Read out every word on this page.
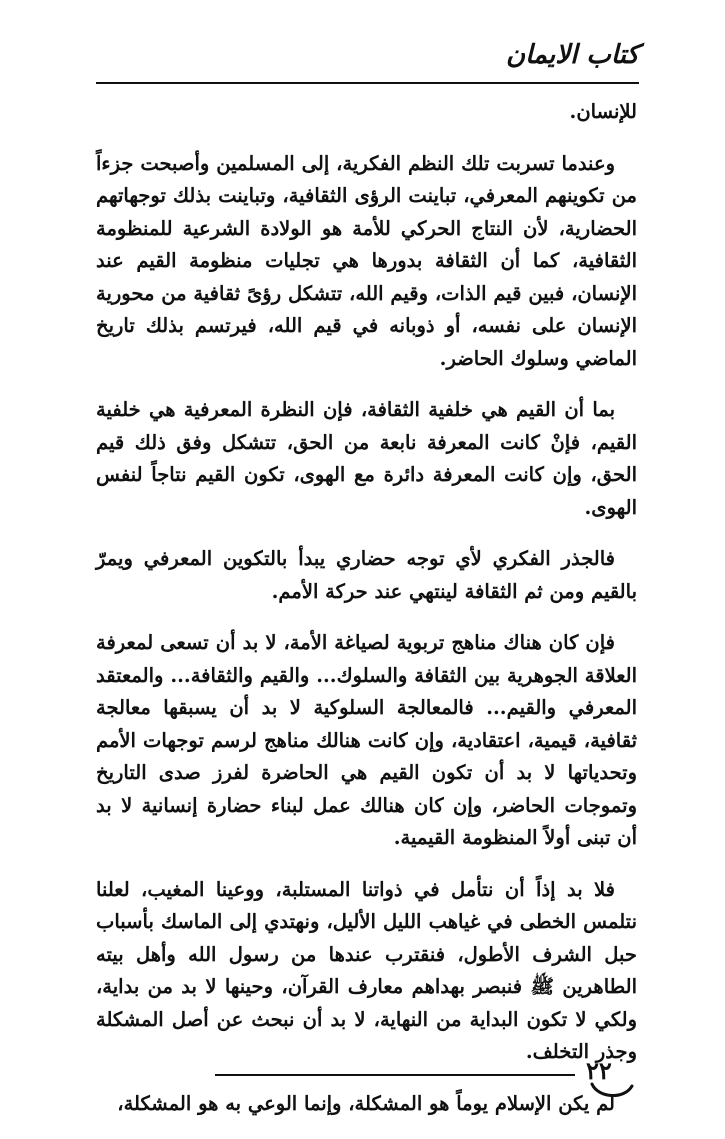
كتاب الايمان

للإنسان.

وعندما تسربت تلك النظم الفكرية، إلى المسلمين وأصبحت جزءاً من تكوينهم المعرفي، تباينت الرؤى الثقافية، وتباينت بذلك توجهاتهم الحضارية، لأن النتاج الحركي للأمة هو الولادة الشرعية للمنظومة الثقافية، كما أن الثقافة بدورها هي تجليات منظومة القيم عند الإنسان، فبين قيم الذات، وقيم الله، تتشكل رؤىً ثقافية من محورية الإنسان على نفسه، أو ذوبانه في قيم الله، فيرتسم بذلك تاريخ الماضي وسلوك الحاضر.

بما أن القيم هي خلفية الثقافة، فإن النظرة المعرفية هي خلفية القيم، فإنْ كانت المعرفة نابعة من الحق، تتشكل وفق ذلك قيم الحق، وإن كانت المعرفة دائرة مع الهوى، تكون القيم نتاجاً لنفس الهوى.

فالجذر الفكري لأي توجه حضاري يبدأ بالتكوين المعرفي ويمرّ بالقيم ومن ثم الثقافة لينتهي عند حركة الأمم.

فإن كان هناك مناهج تربوية لصياغة الأمة، لا بد أن تسعى لمعرفة العلاقة الجوهرية بين الثقافة والسلوك... والقيم والثقافة... والمعتقد المعرفي والقيم... فالمعالجة السلوكية لا بد أن يسبقها معالجة ثقافية، قيمية، اعتقادية، وإن كانت هنالك مناهج لرسم توجهات الأمم وتحدياتها لا بد أن تكون القيم هي الحاضرة لفرز صدى التاريخ وتموجات الحاضر، وإن كان هنالك عمل لبناء حضارة إنسانية لا بد أن تبنى أولاً المنظومة القيمية.

فلا بد إذاً أن نتأمل في ذواتنا المستلبة، ووعينا المغيب، لعلنا نتلمس الخطى في غياهب الليل الأليل، ونهتدي إلى الماسك بأسباب حبل الشرف الأطول، فنقترب عندها من رسول الله وأهل بيته الطاهرين ﷺ فنبصر بهداهم معارف القرآن، وحينها لا بد من بداية، ولكي لا تكون البداية من النهاية، لا بد أن نبحث عن أصل المشكلة وجذر التخلف.

لم يكن الإسلام يوماً هو المشكلة، وإنما الوعي به هو المشكلة،

٢٢
